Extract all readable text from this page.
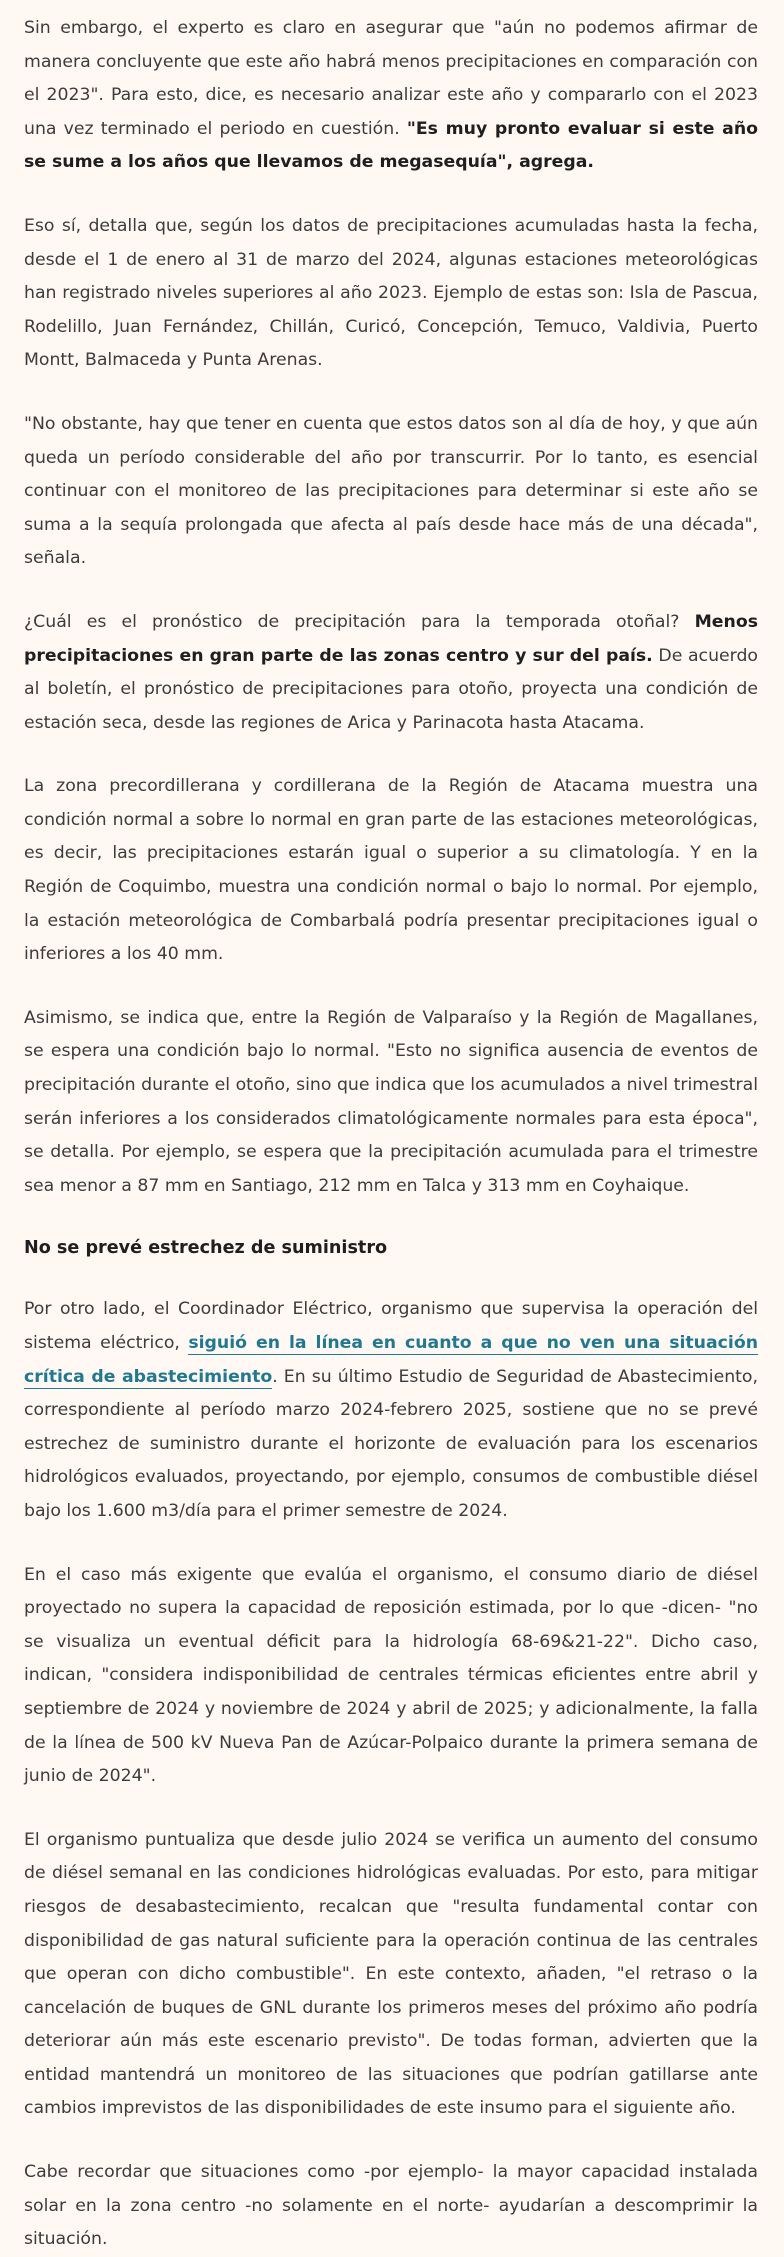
Sin embargo, el experto es claro en asegurar que "aún no podemos afirmar de manera concluyente que este año habrá menos precipitaciones en comparación con el 2023". Para esto, dice, es necesario analizar este año y compararlo con el 2023 una vez terminado el periodo en cuestión. "Es muy pronto evaluar si este año se sume a los años que llevamos de megasequía", agrega.

Eso sí, detalla que, según los datos de precipitaciones acumuladas hasta la fecha, desde el 1 de enero al 31 de marzo del 2024, algunas estaciones meteorológicas han registrado niveles superiores al año 2023. Ejemplo de estas son: Isla de Pascua, Rodelillo, Juan Fernández, Chillán, Curicó, Concepción, Temuco, Valdivia, Puerto Montt, Balmaceda y Punta Arenas.

"No obstante, hay que tener en cuenta que estos datos son al día de hoy, y que aún queda un período considerable del año por transcurrir. Por lo tanto, es esencial continuar con el monitoreo de las precipitaciones para determinar si este año se suma a la sequía prolongada que afecta al país desde hace más de una década", señala.

¿Cuál es el pronóstico de precipitación para la temporada otoñal? Menos precipitaciones en gran parte de las zonas centro y sur del país. De acuerdo al boletín, el pronóstico de precipitaciones para otoño, proyecta una condición de estación seca, desde las regiones de Arica y Parinacota hasta Atacama.

La zona precordillerana y cordillerana de la Región de Atacama muestra una condición normal a sobre lo normal en gran parte de las estaciones meteorológicas, es decir, las precipitaciones estarán igual o superior a su climatología. Y en la Región de Coquimbo, muestra una condición normal o bajo lo normal. Por ejemplo, la estación meteorológica de Combarbalá podría presentar precipitaciones igual o inferiores a los 40 mm.

Asimismo, se indica que, entre la Región de Valparaíso y la Región de Magallanes, se espera una condición bajo lo normal. "Esto no significa ausencia de eventos de precipitación durante el otoño, sino que indica que los acumulados a nivel trimestral serán inferiores a los considerados climatológicamente normales para esta época", se detalla. Por ejemplo, se espera que la precipitación acumulada para el trimestre sea menor a 87 mm en Santiago, 212 mm en Talca y 313 mm en Coyhaique.

No se prevé estrechez de suministro

Por otro lado, el Coordinador Eléctrico, organismo que supervisa la operación del sistema eléctrico, siguió en la línea en cuanto a que no ven una situación crítica de abastecimiento. En su último Estudio de Seguridad de Abastecimiento, correspondiente al período marzo 2024-febrero 2025, sostiene que no se prevé estrechez de suministro durante el horizonte de evaluación para los escenarios hidrológicos evaluados, proyectando, por ejemplo, consumos de combustible diésel bajo los 1.600 m3/día para el primer semestre de 2024.

En el caso más exigente que evalúa el organismo, el consumo diario de diésel proyectado no supera la capacidad de reposición estimada, por lo que -dicen- "no se visualiza un eventual déficit para la hidrología 68-69&21-22". Dicho caso, indican, "considera indisponibilidad de centrales térmicas eficientes entre abril y septiembre de 2024 y noviembre de 2024 y abril de 2025; y adicionalmente, la falla de la línea de 500 kV Nueva Pan de Azúcar-Polpaico durante la primera semana de junio de 2024".

El organismo puntualiza que desde julio 2024 se verifica un aumento del consumo de diésel semanal en las condiciones hidrológicas evaluadas. Por esto, para mitigar riesgos de desabastecimiento, recalcan que "resulta fundamental contar con disponibilidad de gas natural suficiente para la operación continua de las centrales que operan con dicho combustible". En este contexto, añaden, "el retraso o la cancelación de buques de GNL durante los primeros meses del próximo año podría deteriorar aún más este escenario previsto". De todas forman, advierten que la entidad mantendrá un monitoreo de las situaciones que podrían gatillarse ante cambios imprevistos de las disponibilidades de este insumo para el siguiente año.

Cabe recordar que situaciones como -por ejemplo- la mayor capacidad instalada solar en la zona centro -no solamente en el norte- ayudarían a descomprimir la situación.
